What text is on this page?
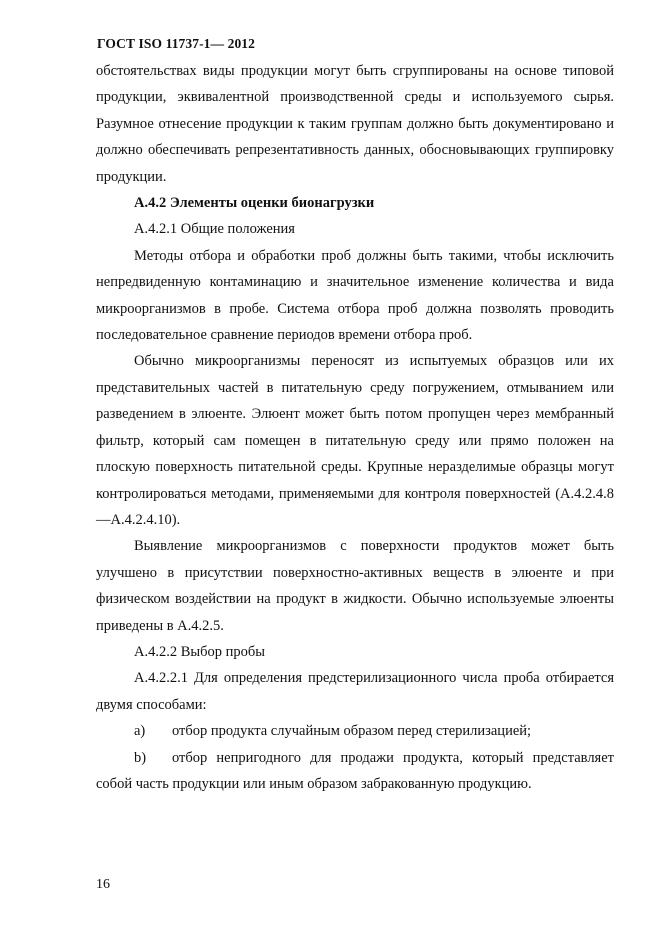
ГОСТ ISO 11737-1— 2012

обстоятельствах виды продукции могут быть сгруппированы на основе типовой продукции, эквивалентной производственной среды и используемого сырья. Разумное отнесение продукции к таким группам должно быть документировано и должно обеспечивать репрезентативность данных, обосновывающих группировку продукции.

А.4.2 Элементы оценки бионагрузки

А.4.2.1 Общие положения

Методы отбора и обработки проб должны быть такими, чтобы исключить непредвиденную контаминацию и значительное изменение количества и вида микроорганизмов в пробе. Система отбора проб должна позволять проводить последовательное сравнение периодов времени отбора проб.

Обычно микроорганизмы переносят из испытуемых образцов или их представительных частей в питательную среду погружением, отмыванием или разведением в элюенте. Элюент может быть потом пропущен через мембранный фильтр, который сам помещен в питательную среду или прямо положен на плоскую поверхность питательной среды. Крупные неразделимые образцы могут контролироваться методами, применяемыми для контроля поверхностей (А.4.2.4.8—А.4.2.4.10).

Выявление микроорганизмов с поверхности продуктов может быть улучшено в присутствии поверхностно-активных веществ в элюенте и при физическом воздействии на продукт в жидкости. Обычно используемые элюенты приведены в А.4.2.5.

А.4.2.2 Выбор пробы

А.4.2.2.1 Для определения предстерилизационного числа проба отбирается двумя способами:

a) отбор продукта случайным образом перед стерилизацией;
b) отбор непригодного для продажи продукта, который представляет собой часть продукции или иным образом забракованную продукцию.
16
